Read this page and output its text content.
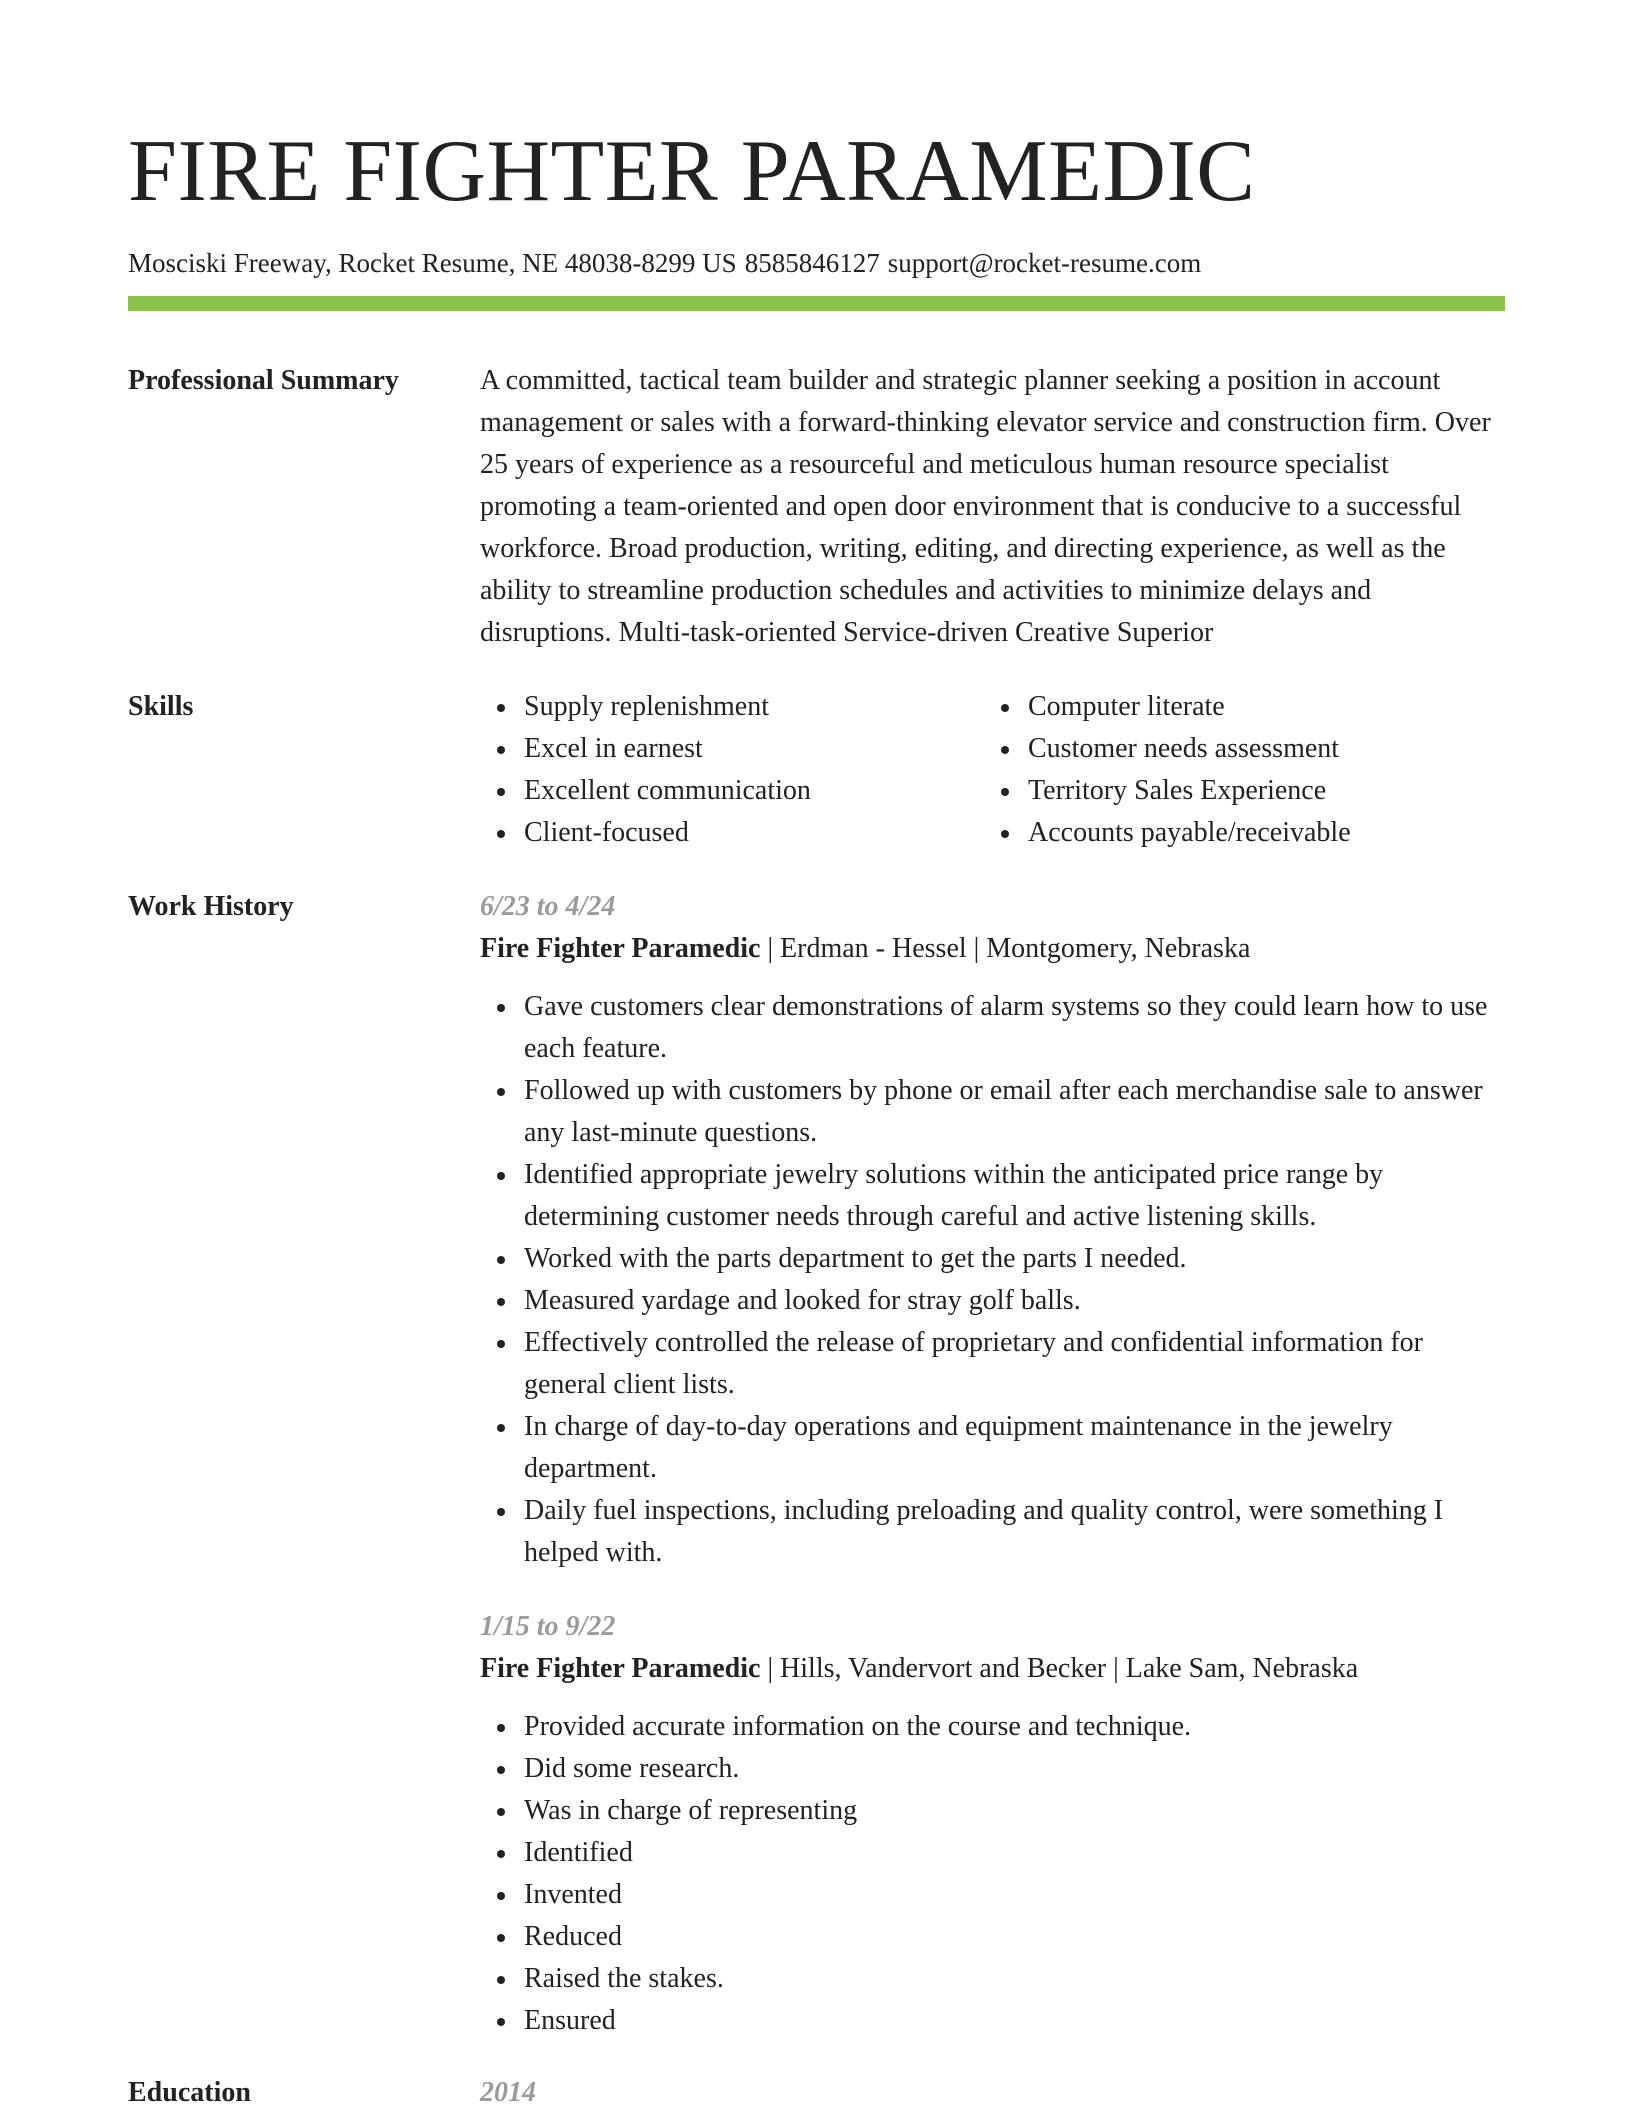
FIRE FIGHTER PARAMEDIC
Mosciski Freeway, Rocket Resume, NE 48038-8299 US 8585846127 support@rocket-resume.com
Professional Summary	A committed, tactical team builder and strategic planner seeking a position in account management or sales with a forward-thinking elevator service and construction firm. Over 25 years of experience as a resourceful and meticulous human resource specialist promoting a team-oriented and open door environment that is conducive to a successful workforce. Broad production, writing, editing, and directing experience, as well as the ability to streamline production schedules and activities to minimize delays and disruptions. Multi-task-oriented Service-driven Creative Superior
Skills	Supply replenishment
Excel in earnest
Excellent communication
Client-focused
Computer literate
Customer needs assessment
Territory Sales Experience
Accounts payable/receivable
Work History	6/23 to 4/24
Fire Fighter Paramedic | Erdman - Hessel | Montgomery, Nebraska
Gave customers clear demonstrations of alarm systems so they could learn how to use each feature.
Followed up with customers by phone or email after each merchandise sale to answer any last-minute questions.
Identified appropriate jewelry solutions within the anticipated price range by determining customer needs through careful and active listening skills.
Worked with the parts department to get the parts I needed.
Measured yardage and looked for stray golf balls.
Effectively controlled the release of proprietary and confidential information for general client lists.
In charge of day-to-day operations and equipment maintenance in the jewelry department.
Daily fuel inspections, including preloading and quality control, were something I helped with.
1/15 to 9/22
Fire Fighter Paramedic | Hills, Vandervort and Becker | Lake Sam, Nebraska
Provided accurate information on the course and technique.
Did some research.
Was in charge of representing
Identified
Invented
Reduced
Raised the stakes.
Ensured
Education	2014
